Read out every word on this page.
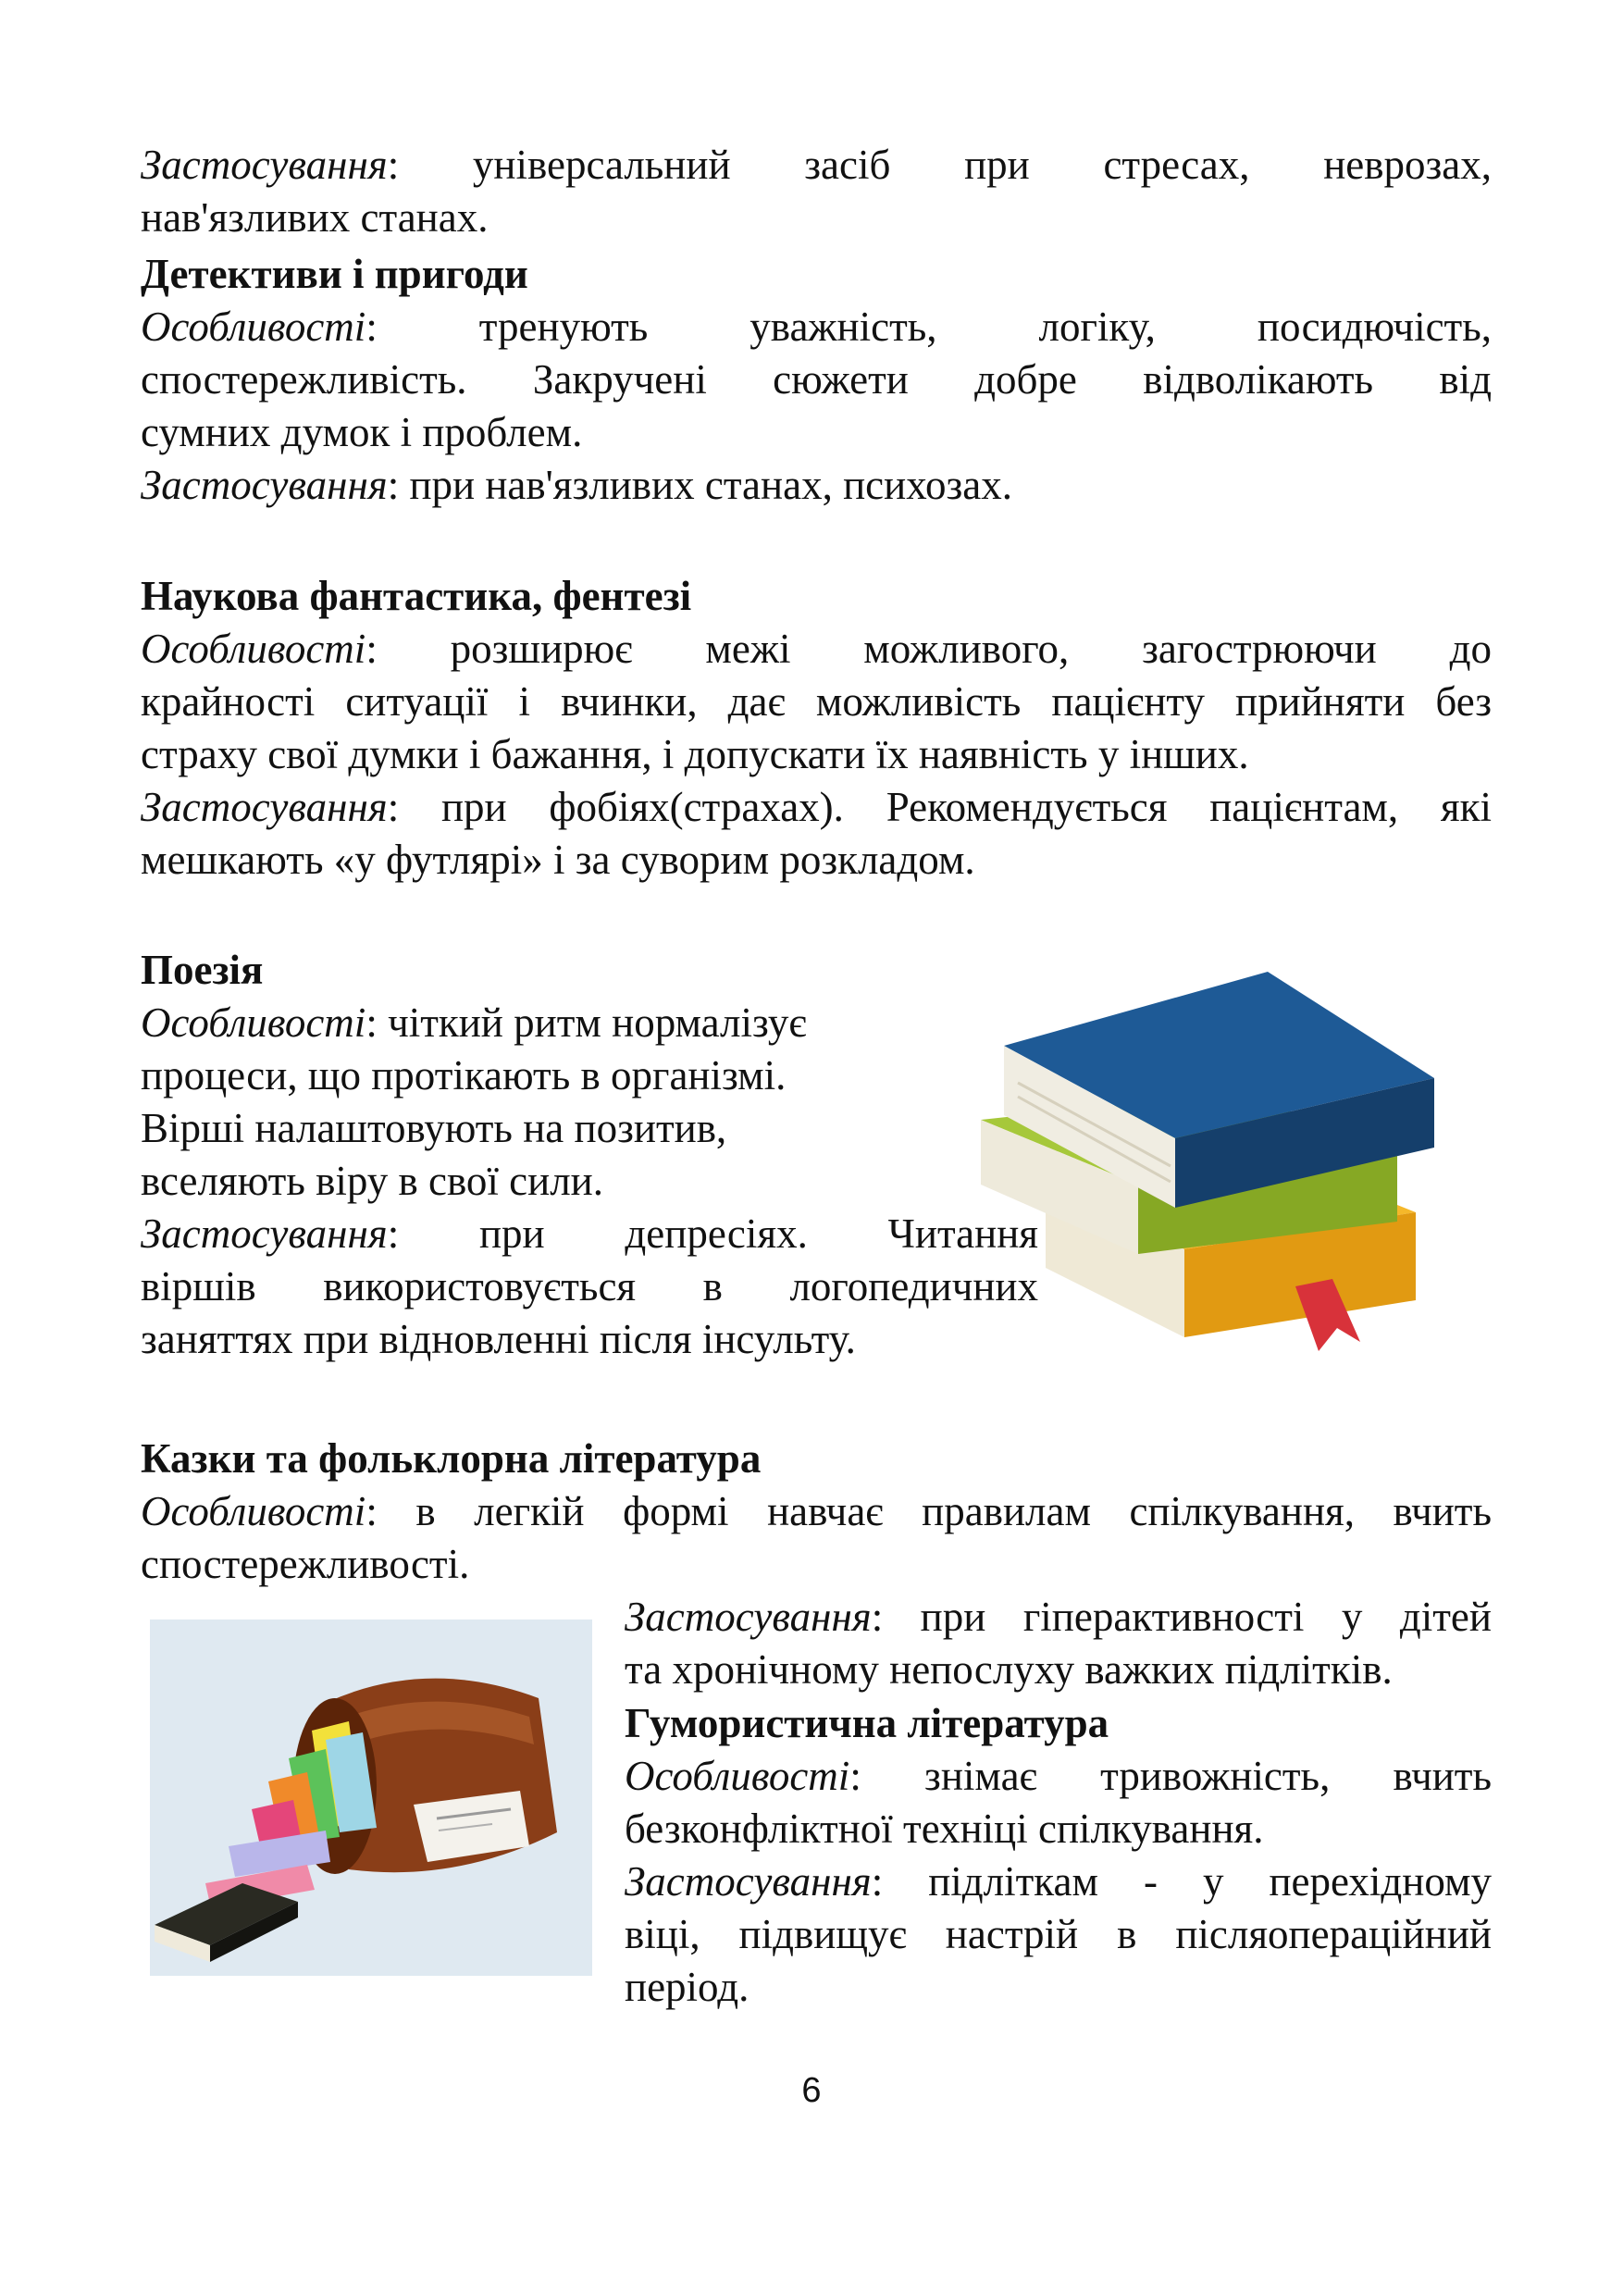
Застосування: універсальний засіб при стресах, неврозах,
нав'язливих станах.
Детективи і пригоди
Особливості: тренують уважність, логіку, посидючість,
спостережливість. Закручені сюжети добре відволікають від
сумних думок і проблем.
Застосування: при нав'язливих станах, психозах.
Наукова фантастика, фентезі
Особливості: розширює межі можливого, загострюючи до
крайності ситуації і вчинки, дає можливість пацієнту прийняти без
страху свої думки і бажання, і допускати їх наявність у інших.
Застосування: при фобіях(страхах). Рекомендується пацієнтам, які
мешкають «у футлярі» і за суворим розкладом.
Поезія
Особливості: чіткий ритм нормалізує
процеси, що протікають в організмі.
Вірші налаштовують на позитив,
вселяють віру в свої сили.
Застосування: при депресіях. Читання
віршів використовується в логопедичних
заняттях при відновленні після інсульту.
Казки та фольклорна література
Особливості: в легкій формі навчає правилам спілкування, вчить
спостережливості.
Застосування: при гіперактивності у дітей
та хронічному непослуху важких підлітків.
Гумористична література
Особливості: знімає тривожність, вчить
безконфліктної техніці спілкування.
Застосування: підліткам - у перехідному
віці, підвищує настрій в післяопераційний
період.
6
